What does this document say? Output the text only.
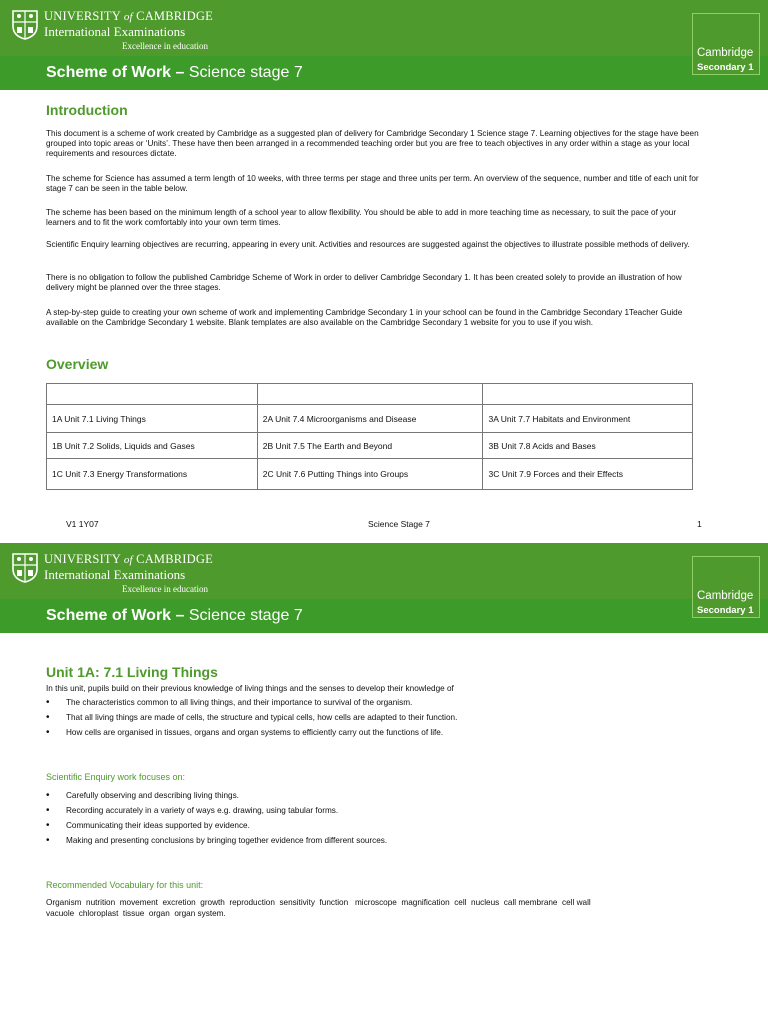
UNIVERSITY of CAMBRIDGE
International Examinations
Excellence in education
Cambridge
Secondary 1
Scheme of Work – Science stage 7
Introduction
This document is a scheme of work created by Cambridge as a suggested plan of delivery for Cambridge Secondary 1 Science stage 7. Learning objectives for the stage have been grouped into topic areas or ‘Units’. These have then been arranged in a recommended teaching order but you are free to teach objectives in any order within a stage as your local requirements and resources dictate.
The scheme for Science has assumed a term length of 10 weeks, with three terms per stage and three units per term. An overview of the sequence, number and title of each unit for stage 7 can be seen in the table below.
The scheme has been based on the minimum length of a school year to allow flexibility. You should be able to add in more teaching time as necessary, to suit the pace of your learners and to fit the work comfortably into your own term times.
Scientific Enquiry learning objectives are recurring, appearing in every unit. Activities and resources are suggested against the objectives to illustrate possible methods of delivery.
There is no obligation to follow the published Cambridge Scheme of Work in order to deliver Cambridge Secondary 1. It has been created solely to provide an illustration of how delivery might be planned over the three stages.
A step-by-step guide to creating your own scheme of work and implementing Cambridge Secondary 1 in your school can be found in the Cambridge Secondary 1Teacher Guide available on the Cambridge Secondary 1 website. Blank templates are also available on the Cambridge Secondary 1 website for you to use if you wish.
Overview

1A Unit 7.1 Living Things	2A Unit 7.4 Microorganisms and Disease	3A Unit 7.7 Habitats and Environment
1B Unit 7.2 Solids, Liquids and Gases	2B Unit 7.5 The Earth and Beyond	3B Unit 7.8 Acids and Bases
1C Unit 7.3 Energy Transformations	2C Unit 7.6 Putting Things into Groups	3C Unit 7.9 Forces and their Effects
V1 1Y07	Science Stage 7	1
UNIVERSITY of CAMBRIDGE
International Examinations
Excellence in education
Cambridge
Secondary 1
Scheme of Work – Science stage 7
Unit 1A: 7.1 Living Things
In this unit, pupils build on their previous knowledge of living things and the senses to develop their knowledge of
• The characteristics common to all living things, and their importance to survival of the organism.
• That all living things are made of cells, the structure and typical cells, how cells are adapted to their function.
• How cells are organised in tissues, organs and organ systems to efficiently carry out the functions of life.
Scientific Enquiry work focuses on:
• Carefully observing and describing living things.
• Recording accurately in a variety of ways e.g. drawing, using tabular forms.
• Communicating their ideas supported by evidence.
• Making and presenting conclusions by bringing together evidence from different sources.
Recommended Vocabulary for this unit:
Organism  nutrition  movement  excretion  growth  reproduction  sensitivity  function   microscope  magnification  cell  nucleus  call membrane  cell wall
vacuole  chloroplast  tissue  organ  organ system.
